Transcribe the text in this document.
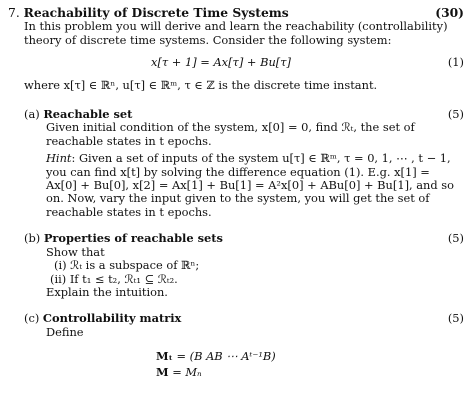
7. Reachability of Discrete Time Systems	(30)

In this problem you will derive and learn the reachability (controllability) theory of discrete time systems. Consider the following system:

x[τ + 1] = Ax[τ] + Bu[τ]	(1)

where x[τ] ∈ ℝⁿ, u[τ] ∈ ℝᵐ, τ ∈ ℤ is the discrete time instant.

(a) Reachable set	(5)

Given initial condition of the system, x[0] = 0, find ℛₜ, the set of reachable states in t epochs.

Hint: Given a set of inputs of the system u[τ] ∈ ℝᵐ, τ = 0, 1, ⋯ , t − 1, you can find x[t] by solving the difference equation (1). E.g. x[1] = Ax[0] + Bu[0], x[2] = Ax[1] + Bu[1] = A²x[0] + ABu[0] + Bu[1], and so on. Now, vary the input given to the system, you will get the set of reachable states in t epochs.

(b) Properties of reachable sets	(5)

Show that

(i) ℛₜ is a subspace of ℝⁿ;

(ii) If t₁ ≤ t₂, ℛₜ₁ ⊆ ℛₜ₂.

Explain the intuition.

(c) Controllability matrix	(5)

Define

Mₜ = (B AB ⋯ Aᵗ⁻¹B)
M = Mₙ
